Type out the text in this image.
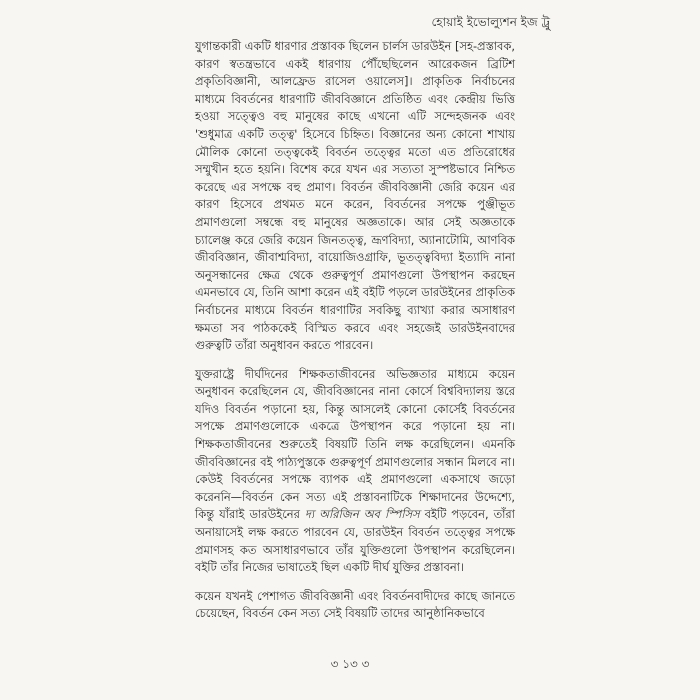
হোয়াই ইভোল্যুশন ইজ ট্রু

যুগান্তকারী একটি ধারণার প্রস্তাবক ছিলেন চার্লস ডারউইন [সহ-প্রস্তাবক, কারণ স্বতন্ত্রভাবে একই ধারণায় পৌঁছেছিলেন আরেকজন ব্রিটিশ প্রকৃতিবিজ্ঞানী, আলফ্রেড রাসেল ওয়ালেস]। প্রাকৃতিক নির্বাচনের মাধ্যমে বিবর্তনের ধারণাটি জীববিজ্ঞানে প্রতিষ্ঠিত এবং কেন্দ্রীয় ভিত্তি হওয়া সত্ত্বেও বহু মানুষের কাছে এখনো এটি সন্দেহজনক এবং 'শুধুমাত্র একটি তত্ত্ব' হিসেবে চিহ্নিত। বিজ্ঞানের অন্য কোনো শাখায় মৌলিক কোনো তত্ত্বকেই বিবর্তন তত্ত্বের মতো এত প্রতিরোধের সম্মুখীন হতে হয়নি। বিশেষ করে যখন এর সত্যতা সুস্পষ্টভাবে নিশ্চিত করেছে এর সপক্ষে বহু প্রমাণ। বিবর্তন জীববিজ্ঞানী জেরি কয়েন এর কারণ হিসেবে প্রথমত মনে করেন, বিবর্তনের সপক্ষে পুঞ্জীভূত প্রমাণগুলো সম্বন্ধে বহু মানুষের অজ্ঞতাকে। আর সেই অজ্ঞতাকে চ্যালেঞ্জ করে জেরি কয়েন জিনতত্ত্ব, ভ্রূণবিদ্যা, অ্যানাটোমি, আণবিক জীববিজ্ঞান, জীবাশ্মবিদ্যা, বায়োজিওগ্রাফি, ভূতত্ত্ববিদ্যা ইত্যাদি নানা অনুসন্ধানের ক্ষেত্র থেকে গুরুত্বপূর্ণ প্রমাণগুলো উপস্থাপন করছেন এমনভাবে যে, তিনি আশা করেন এই বইটি পড়লে ডারউইনের প্রাকৃতিক নির্বাচনের মাধ্যমে বিবর্তন ধারণাটির সবকিছু ব্যাখ্যা করার অসাধারণ ক্ষমতা সব পাঠককেই বিস্মিত করবে এবং সহজেই ডারউইনবাদের গুরুত্বটি তাঁরা অনুধাবন করতে পারবেন।

যুক্তরাষ্ট্রে দীর্ঘদিনের শিক্ষকতাজীবনের অভিজ্ঞতার মাধ্যমে কয়েন অনুধাবন করেছিলেন যে, জীববিজ্ঞানের নানা কোর্সে বিশ্ববিদ্যালয় স্তরে যদিও বিবর্তন পড়ানো হয়, কিন্তু আসলেই কোনো কোর্সেই বিবর্তনের সপক্ষে প্রমাণগুলোকে একত্রে উপস্থাপন করে পড়ানো হয় না। শিক্ষকতাজীবনের শুরুতেই বিষয়টি তিনি লক্ষ করেছিলেন। এমনকি জীববিজ্ঞানের বই পাঠ্যপুস্তকে গুরুত্বপূর্ণ প্রমাণগুলোর সন্ধান মিলবে না। কেউই বিবর্তনের সপক্ষে ব্যাপক এই প্রমাণগুলো একসাথে জড়ো করেননি—বিবর্তন কেন সত্য এই প্রস্তাবনাটিকে শিক্ষাদানের উদ্দেশ্যে, কিন্তু যাঁরাই ডারউইনের দ্য অরিজিন অব স্পিসিস বইটি পড়বেন, তাঁরা অনায়াসেই লক্ষ করতে পারবেন যে, ডারউইন বিবর্তন তত্ত্বের সপক্ষে প্রমাণসহ কত অসাধারণভাবে তাঁর যুক্তিগুলো উপস্থাপন করেছিলেন। বইটি তাঁর নিজের ভাষাতেই ছিল একটি দীর্ঘ যুক্তির প্রস্তাবনা।

কয়েন যখনই পেশাগত জীববিজ্ঞানী এবং বিবর্তনবাদীদের কাছে জানতে চেয়েছেন, বিবর্তন কেন সত্য সেই বিষয়টি তাদের আনুষ্ঠানিকভাবে

৩ ১৩ ৩
